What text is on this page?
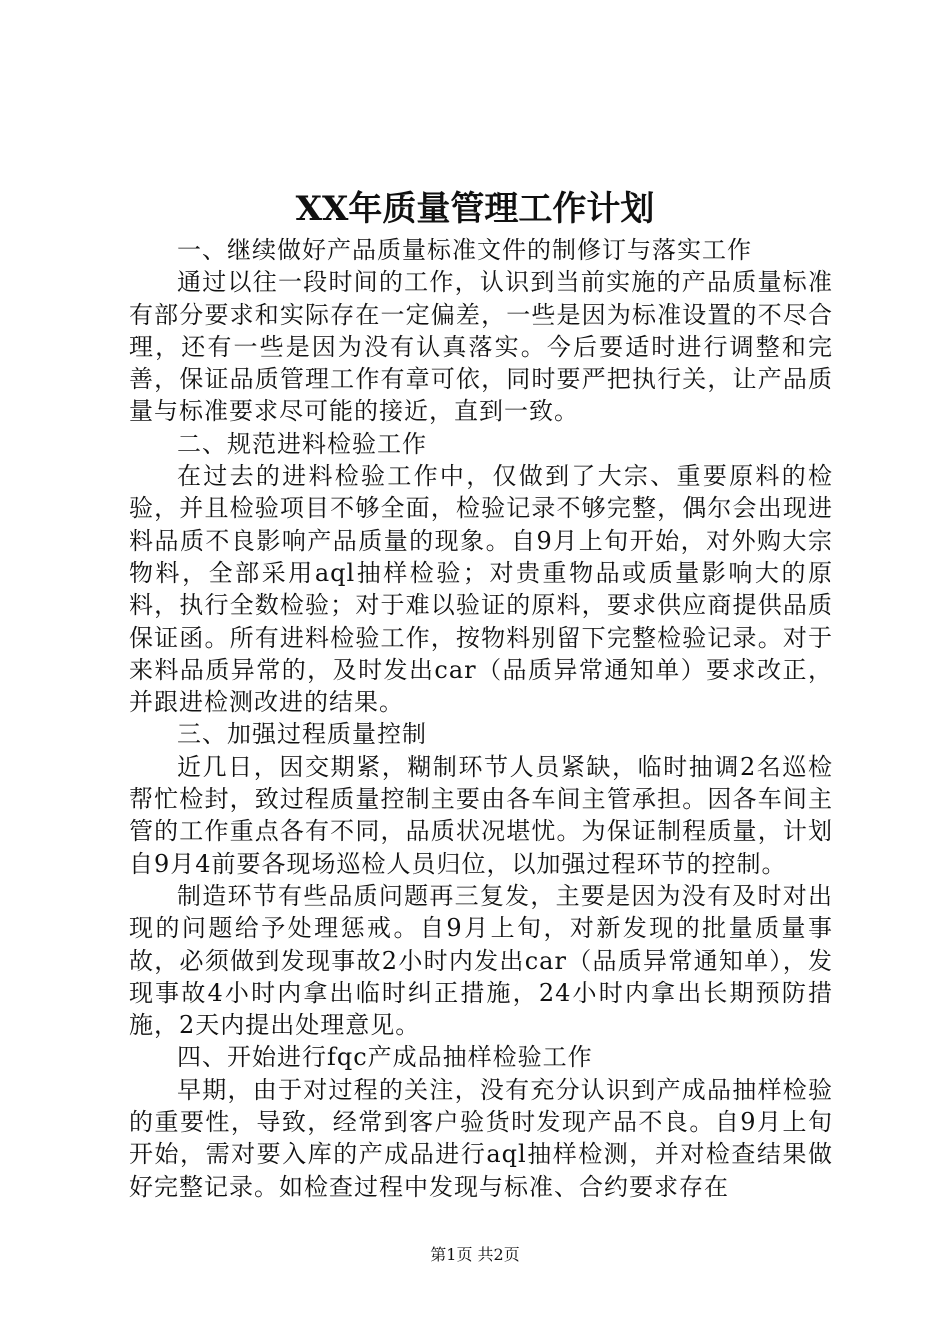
XX年质量管理工作计划

一、继续做好产品质量标准文件的制修订与落实工作

通过以往一段时间的工作，认识到当前实施的产品质量标准有部分要求和实际存在一定偏差，一些是因为标准设置的不尽合理，还有一些是因为没有认真落实。今后要适时进行调整和完善，保证品质管理工作有章可依，同时要严把执行关，让产品质量与标准要求尽可能的接近，直到一致。

二、规范进料检验工作

在过去的进料检验工作中，仅做到了大宗、重要原料的检验，并且检验项目不够全面，检验记录不够完整，偶尔会出现进料品质不良影响产品质量的现象。自9月上旬开始，对外购大宗物料，全部采用aql抽样检验；对贵重物品或质量影响大的原料，执行全数检验；对于难以验证的原料，要求供应商提供品质保证函。所有进料检验工作，按物料别留下完整检验记录。对于来料品质异常的，及时发出car（品质异常通知单）要求改正，并跟进检测改进的结果。

三、加强过程质量控制

近几日，因交期紧，糊制环节人员紧缺，临时抽调2名巡检帮忙检封，致过程质量控制主要由各车间主管承担。因各车间主管的工作重点各有不同，品质状况堪忧。为保证制程质量，计划自9月4前要各现场巡检人员归位，以加强过程环节的控制。

制造环节有些品质问题再三复发，主要是因为没有及时对出现的问题给予处理惩戒。自9月上旬，对新发现的批量质量事故，必须做到发现事故2小时内发出car（品质异常通知单），发现事故4小时内拿出临时纠正措施，24小时内拿出长期预防措施，2天内提出处理意见。

四、开始进行fqc产成品抽样检验工作

早期，由于对过程的关注，没有充分认识到产成品抽样检验的重要性，导致，经常到客户验货时发现产品不良。自9月上旬开始，需对要入库的产成品进行aql抽样检测，并对检查结果做好完整记录。如检查过程中发现与标准、合约要求存在

第1页 共2页
